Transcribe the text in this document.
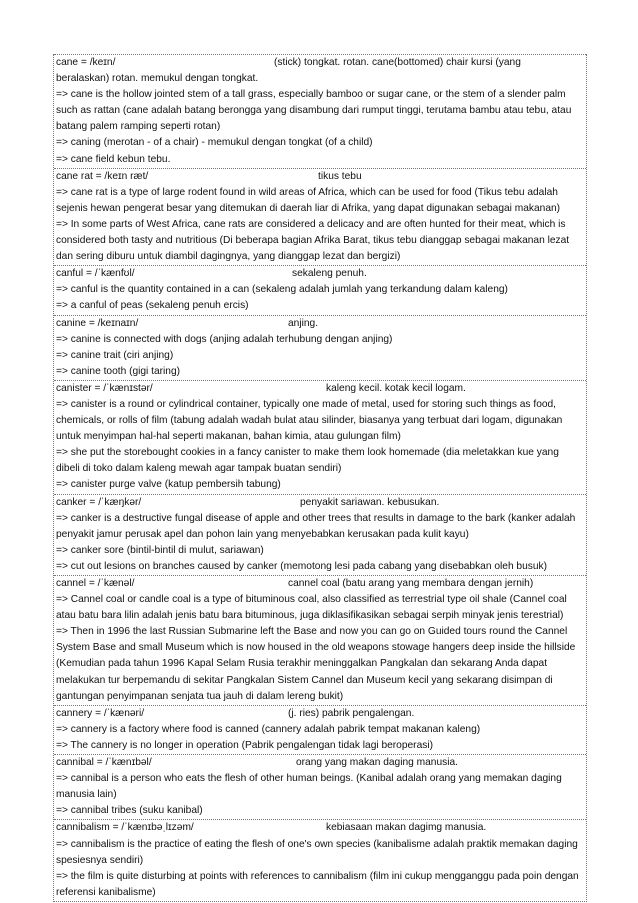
cane = /keɪn/	(stick) tongkat. rotan. cane(bottomed) chair kursi (yang

beralaskan) rotan. memukul dengan tongkat.
=> cane is the hollow jointed stem of a tall grass, especially bamboo or sugar cane, or the stem of a slender palm such as rattan (cane adalah batang berongga yang disambung dari rumput tinggi, terutama bambu atau tebu, atau batang palem ramping seperti rotan)
=> caning (merotan - of a chair) - memukul dengan tongkat (of a child)
=> cane field kebun tebu.
cane rat = /keɪn ræt/	tikus tebu

=> cane rat is a type of large rodent found in wild areas of Africa, which can be used for food (Tikus tebu adalah sejenis hewan pengerat besar yang ditemukan di daerah liar di Afrika, yang dapat digunakan sebagai makanan)
=> In some parts of West Africa, cane rats are considered a delicacy and are often hunted for their meat, which is considered both tasty and nutritious (Di beberapa bagian Afrika Barat, tikus tebu dianggap sebagai makanan lezat dan sering diburu untuk diambil dagingnya, yang dianggap lezat dan bergizi)
canful = /ˈkænfʊl/	sekaleng penuh.

=> canful is the quantity contained in a can (sekaleng adalah jumlah yang terkandung dalam kaleng)
=> a canful of peas (sekaleng penuh ercis)
canine = /keɪnaɪn/	anjing.

=> canine is connected with dogs (anjing adalah terhubung dengan anjing)
=> canine trait (ciri anjing)
=> canine tooth (gigi taring)
canister = /ˈkænɪstər/	kaleng kecil. kotak kecil logam.

=> canister is a round or cylindrical container, typically one made of metal, used for storing such things as food, chemicals, or rolls of film (tabung adalah wadah bulat atau silinder, biasanya yang terbuat dari logam, digunakan untuk menyimpan hal-hal seperti makanan, bahan kimia, atau gulungan film)
=> she put the storebought cookies in a fancy canister to make them look homemade (dia meletakkan kue yang dibeli di toko dalam kaleng mewah agar tampak buatan sendiri)
=> canister purge valve (katup pembersih tabung)
canker = /ˈkæŋkər/	penyakit sariawan. kebusukan.

=> canker is a destructive fungal disease of apple and other trees that results in damage to the bark (kanker adalah penyakit jamur perusak apel dan pohon lain yang menyebabkan kerusakan pada kulit kayu)
=> canker sore (bintil-bintil di mulut, sariawan)
=> cut out lesions on branches caused by canker (memotong lesi pada cabang yang disebabkan oleh busuk)
cannel = /ˈkænəl/	cannel coal (batu arang yang membara dengan jernih)

=> Cannel coal or candle coal is a type of bituminous coal, also classified as terrestrial type oil shale (Cannel coal atau batu bara lilin adalah jenis batu bara bituminous, juga diklasifikasikan sebagai serpih minyak jenis terestrial)
=> Then in 1996 the last Russian Submarine left the Base and now you can go on Guided tours round the Cannel System Base and small Museum which is now housed in the old weapons stowage hangers deep inside the hillside (Kemudian pada tahun 1996 Kapal Selam Rusia terakhir meninggalkan Pangkalan dan sekarang Anda dapat melakukan tur berpemandu di sekitar Pangkalan Sistem Cannel dan Museum kecil yang sekarang disimpan di gantungan penyimpanan senjata tua jauh di dalam lereng bukit)
cannery = /ˈkænəri/	(j. ries) pabrik pengalengan.

=> cannery is a factory where food is canned (cannery adalah pabrik tempat makanan kaleng)
=> The cannery is no longer in operation (Pabrik pengalengan tidak lagi beroperasi)
cannibal = /ˈkænɪbəl/	orang yang makan daging manusia.

=> cannibal is a person who eats the flesh of other human beings. (Kanibal adalah orang yang memakan daging manusia lain)
=> cannibal tribes (suku kanibal)
cannibalism = /ˈkænɪbəˌlɪzəm/	kebiasaan makan dagimg manusia.

=> cannibalism is the practice of eating the flesh of one's own species (kanibalisme adalah praktik memakan daging spesiesnya sendiri)
=> the film is quite disturbing at points with references to cannibalism (film ini cukup mengganggu pada poin dengan referensi kanibalisme)
